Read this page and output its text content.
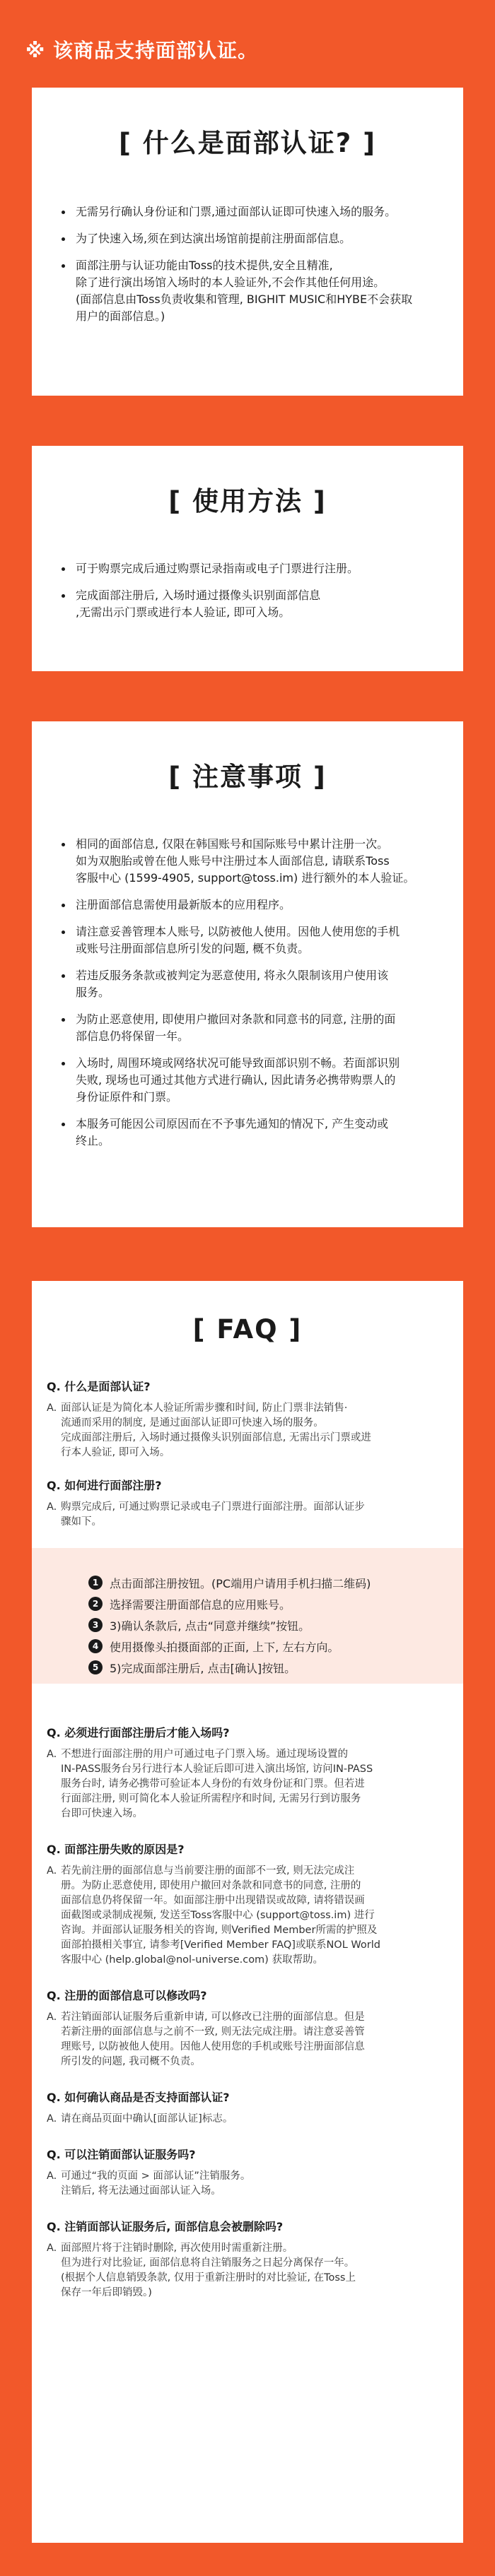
※ 该商品支持面部认证。
[ 什么是面部认证? ]
无需另行确认身份证和门票,通过面部认证即可快速入场的服务。
为了快速入场,须在到达演出场馆前提前注册面部信息。
面部注册与认证功能由Toss的技术提供,安全且精准,
除了进行演出场馆入场时的本人验证外,不会作其他任何用途。
(面部信息由Toss负责收集和管理, BIGHIT MUSIC和HYBE不会获取
用户的面部信息。)
[ 使用方法 ]
可于购票完成后通过购票记录指南或电子门票进行注册。
完成面部注册后, 入场时通过摄像头识别面部信息
,无需出示门票或进行本人验证, 即可入场。
[ 注意事项 ]
相同的面部信息, 仅限在韩国账号和国际账号中累计注册一次。
如为双胞胎或曾在他人账号中注册过本人面部信息, 请联系Toss
客服中心 (1599-4905, support@toss.im) 进行额外的本人验证。
注册面部信息需使用最新版本的应用程序。
请注意妥善管理本人账号, 以防被他人使用。因他人使用您的手机
或账号注册面部信息所引发的问题, 概不负责。
若违反服务条款或被判定为恶意使用, 将永久限制该用户使用该
服务。
为防止恶意使用, 即使用户撤回对条款和同意书的同意, 注册的面
部信息仍将保留一年。
入场时, 周围环境或网络状况可能导致面部识别不畅。若面部识别
失败, 现场也可通过其他方式进行确认, 因此请务必携带购票人的
身份证原件和门票。
本服务可能因公司原因而在不予事先通知的情况下, 产生变动或
终止。
[ FAQ ]
Q. 什么是面部认证?
A. 面部认证是为简化本人验证所需步骤和时间, 防止门票非法销售·
流通而采用的制度, 是通过面部认证即可快速入场的服务。
完成面部注册后, 入场时通过摄像头识别面部信息, 无需出示门票或进
行本人验证, 即可入场。
Q. 如何进行面部注册?
A. 购票完成后, 可通过购票记录或电子门票进行面部注册。面部认证步
骤如下。
1 点击面部注册按钮。(PC端用户请用手机扫描二维码)
2 选择需要注册面部信息的应用账号。
3 3)确认条款后, 点击“同意并继续”按钮。
4 使用摄像头拍摄面部的正面, 上下, 左右方向。
5 5)完成面部注册后, 点击[确认]按钮。
Q. 必须进行面部注册后才能入场吗?
A. 不想进行面部注册的用户可通过电子门票入场。通过现场设置的
IN-PASS服务台另行进行本人验证后即可进入演出场馆, 访问IN-PASS
服务台时, 请务必携带可验证本人身份的有效身份证和门票。但若进
行面部注册, 则可简化本人验证所需程序和时间, 无需另行到访服务
台即可快速入场。
Q. 面部注册失败的原因是?
A. 若先前注册的面部信息与当前要注册的面部不一致, 则无法完成注
册。为防止恶意使用, 即使用户撤回对条款和同意书的同意, 注册的
面部信息仍将保留一年。如面部注册中出现错误或故障, 请将错误画
面截图或录制成视频, 发送至Toss客服中心 (support@toss.im) 进行
咨询。并面部认证服务相关的咨询, 则Verified Member所需的护照及
面部拍摄相关事宜, 请参考[Verified Member FAQ]或联系NOL World
客服中心 (help.global@nol-universe.com) 获取帮助。
Q. 注册的面部信息可以修改吗?
A. 若注销面部认证服务后重新申请, 可以修改已注册的面部信息。但是
若新注册的面部信息与之前不一致, 则无法完成注册。请注意妥善管
理账号, 以防被他人使用。因他人使用您的手机或账号注册面部信息
所引发的问题, 我司概不负责。
Q. 如何确认商品是否支持面部认证?
A. 请在商品页面中确认[面部认证]标志。
Q. 可以注销面部认证服务吗?
A. 可通过“我的页面 > 面部认证”注销服务。
注销后, 将无法通过面部认证入场。
Q. 注销面部认证服务后, 面部信息会被删除吗?
A. 面部照片将于注销时删除, 再次使用时需重新注册。
但为进行对比验证, 面部信息将自注销服务之日起分离保存一年。
(根据个人信息销毁条款, 仅用于重新注册时的对比验证, 在Toss上
保存一年后即销毁。)
